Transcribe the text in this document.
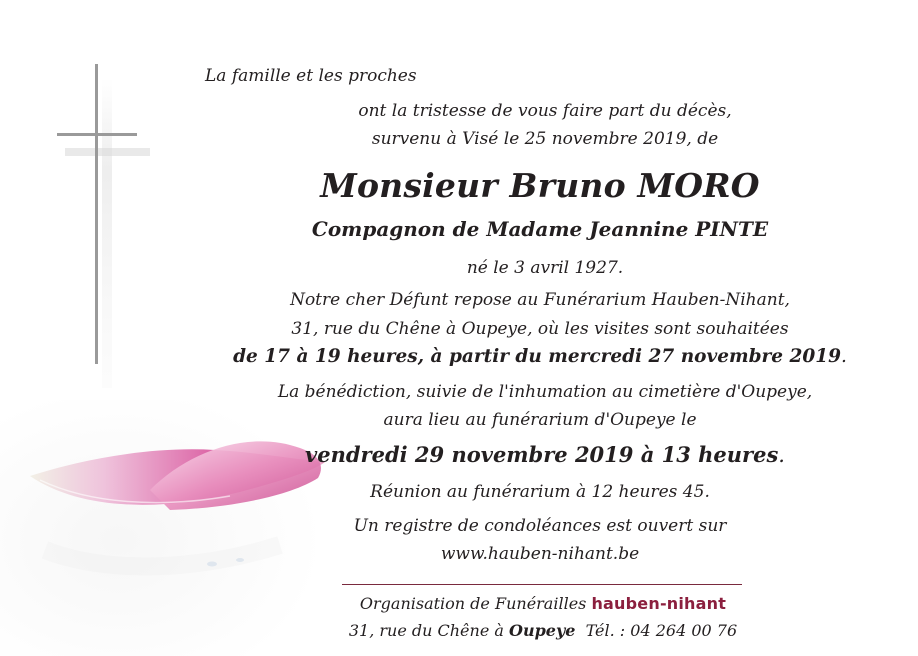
La famille et les proches
ont la tristesse de vous faire part du décès,
survenu à Visé le 25 novembre 2019, de
Monsieur Bruno MORO
Compagnon de Madame Jeannine PINTE
né le 3 avril 1927.
Notre cher Défunt repose au Funérarium Hauben-Nihant,
31, rue du Chêne à Oupeye, où les visites sont souhaitées
de 17 à 19 heures, à partir du mercredi 27 novembre 2019.
La bénédiction, suivie de l'inhumation au cimetière d'Oupeye,
aura lieu au funérarium d'Oupeye le
vendredi 29 novembre 2019 à 13 heures.
Réunion au funérarium à 12 heures 45.
Un registre de condoléances est ouvert sur
www.hauben-nihant.be
Organisation de Funérailles hauben-nihant
31, rue du Chêne à Oupeye Tél. : 04 264 00 76
